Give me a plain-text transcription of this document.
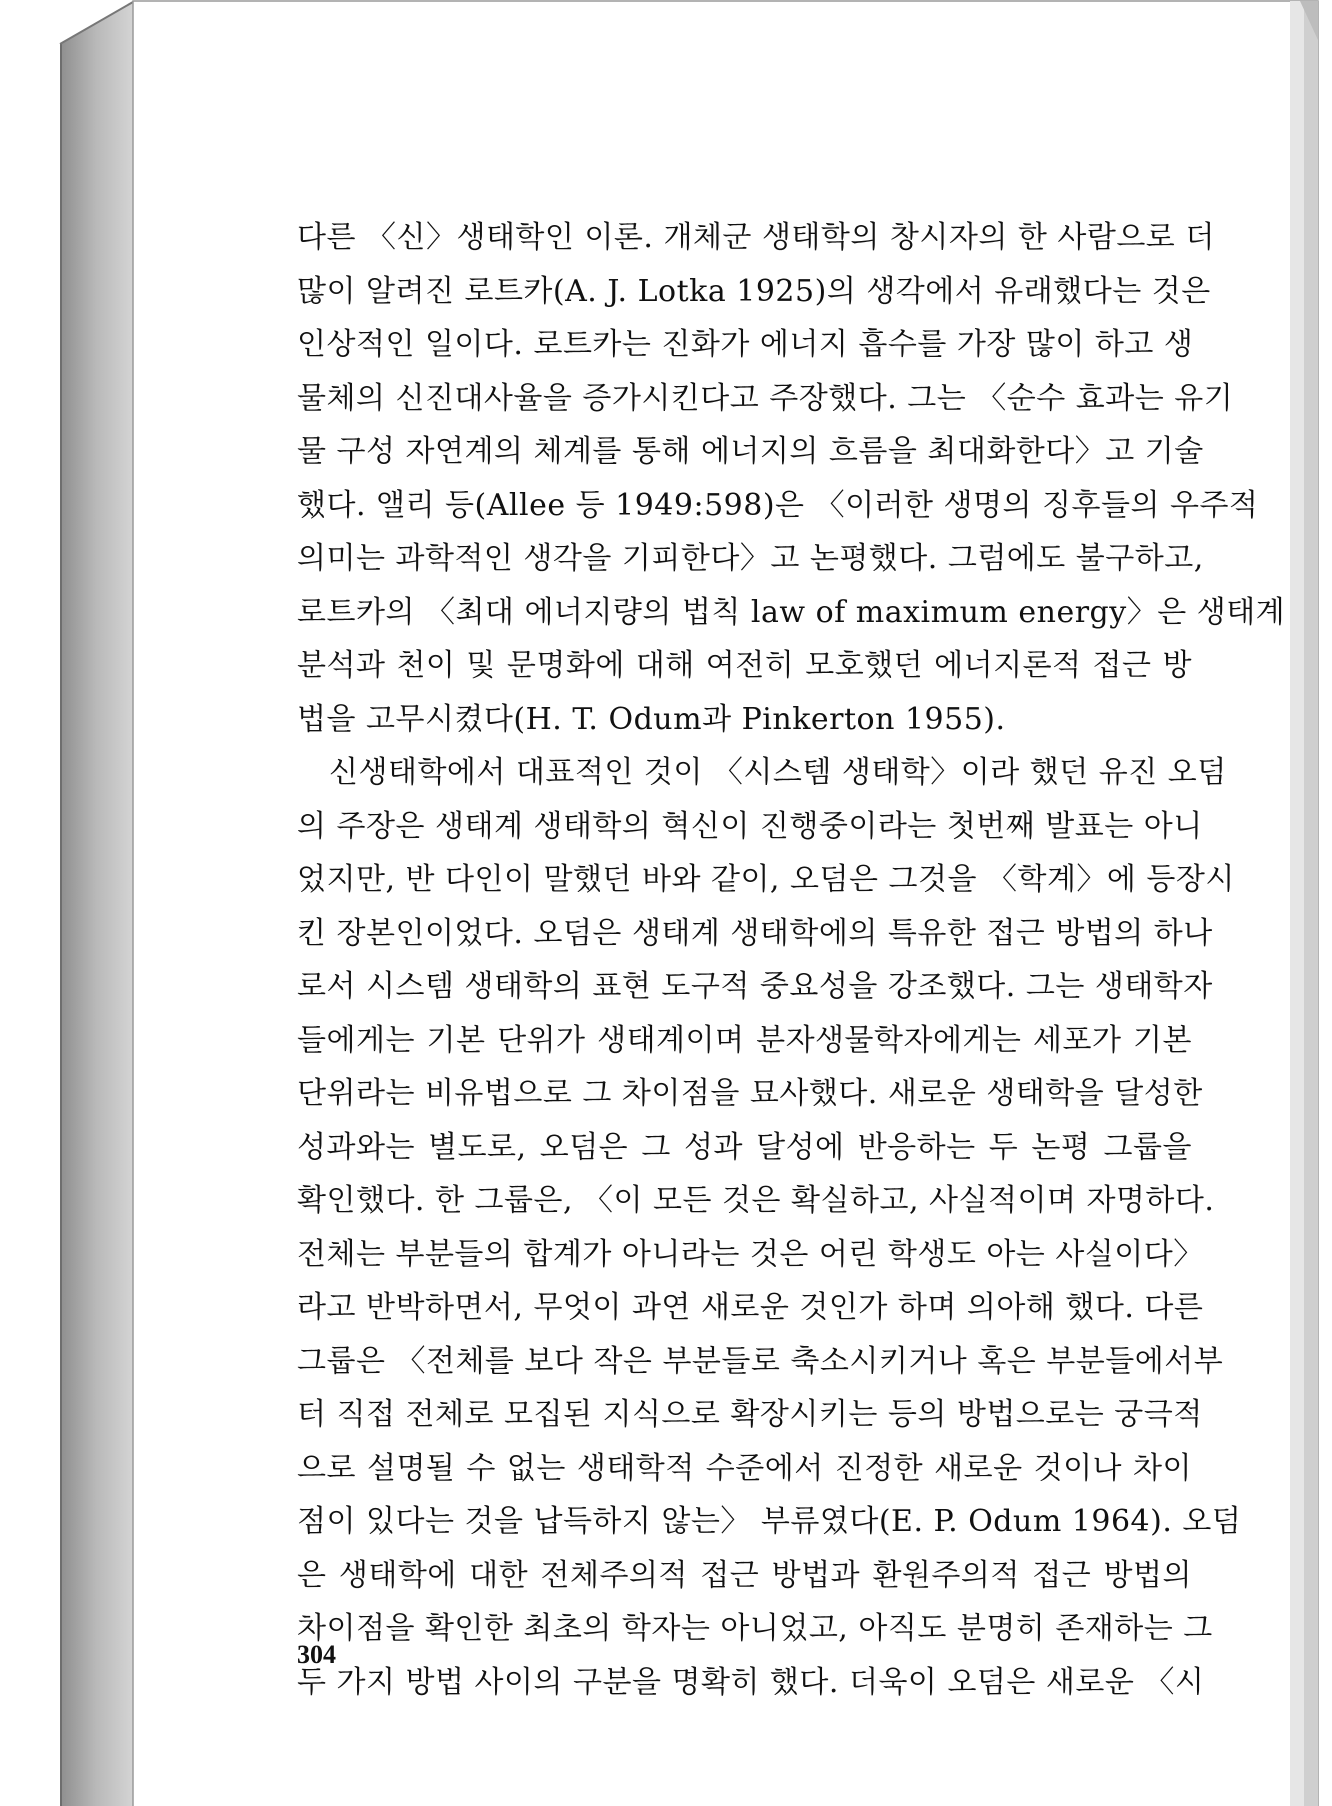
다른 〈신〉생태학인 이론. 개체군 생태학의 창시자의 한 사람으로 더
많이 알려진 로트카(A. J. Lotka 1925)의 생각에서 유래했다는 것은
인상적인 일이다. 로트카는 진화가 에너지 흡수를 가장 많이 하고 생
물체의 신진대사율을 증가시킨다고 주장했다. 그는 〈순수 효과는 유기
물 구성 자연계의 체계를 통해 에너지의 흐름을 최대화한다〉고 기술
했다. 앨리 등(Allee 등 1949:598)은 〈이러한 생명의 징후들의 우주적
의미는 과학적인 생각을 기피한다〉고 논평했다. 그럼에도 불구하고,
로트카의 〈최대 에너지량의 법칙 law of maximum energy〉은 생태계
분석과 천이 및 문명화에 대해 여전히 모호했던 에너지론적 접근 방
법을 고무시켰다(H. T. Odum과 Pinkerton 1955).
신생태학에서 대표적인 것이 〈시스템 생태학〉이라 했던 유진 오덤
의 주장은 생태계 생태학의 혁신이 진행중이라는 첫번째 발표는 아니
었지만, 반 다인이 말했던 바와 같이, 오덤은 그것을 〈학계〉에 등장시
킨 장본인이었다. 오덤은 생태계 생태학에의 특유한 접근 방법의 하나
로서 시스템 생태학의 표현 도구적 중요성을 강조했다. 그는 생태학자
들에게는 기본 단위가 생태계이며 분자생물학자에게는 세포가 기본
단위라는 비유법으로 그 차이점을 묘사했다. 새로운 생태학을 달성한
성과와는 별도로, 오덤은 그 성과 달성에 반응하는 두 논평 그룹을
확인했다. 한 그룹은, 〈이 모든 것은 확실하고, 사실적이며 자명하다.
전체는 부분들의 합계가 아니라는 것은 어린 학생도 아는 사실이다〉
라고 반박하면서, 무엇이 과연 새로운 것인가 하며 의아해 했다. 다른
그룹은 〈전체를 보다 작은 부분들로 축소시키거나 혹은 부분들에서부
터 직접 전체로 모집된 지식으로 확장시키는 등의 방법으로는 궁극적
으로 설명될 수 없는 생태학적 수준에서 진정한 새로운 것이나 차이
점이 있다는 것을 납득하지 않는〉 부류였다(E. P. Odum 1964). 오덤
은 생태학에 대한 전체주의적 접근 방법과 환원주의적 접근 방법의
차이점을 확인한 최초의 학자는 아니었고, 아직도 분명히 존재하는 그
두 가지 방법 사이의 구분을 명확히 했다. 더욱이 오덤은 새로운 〈시
304
